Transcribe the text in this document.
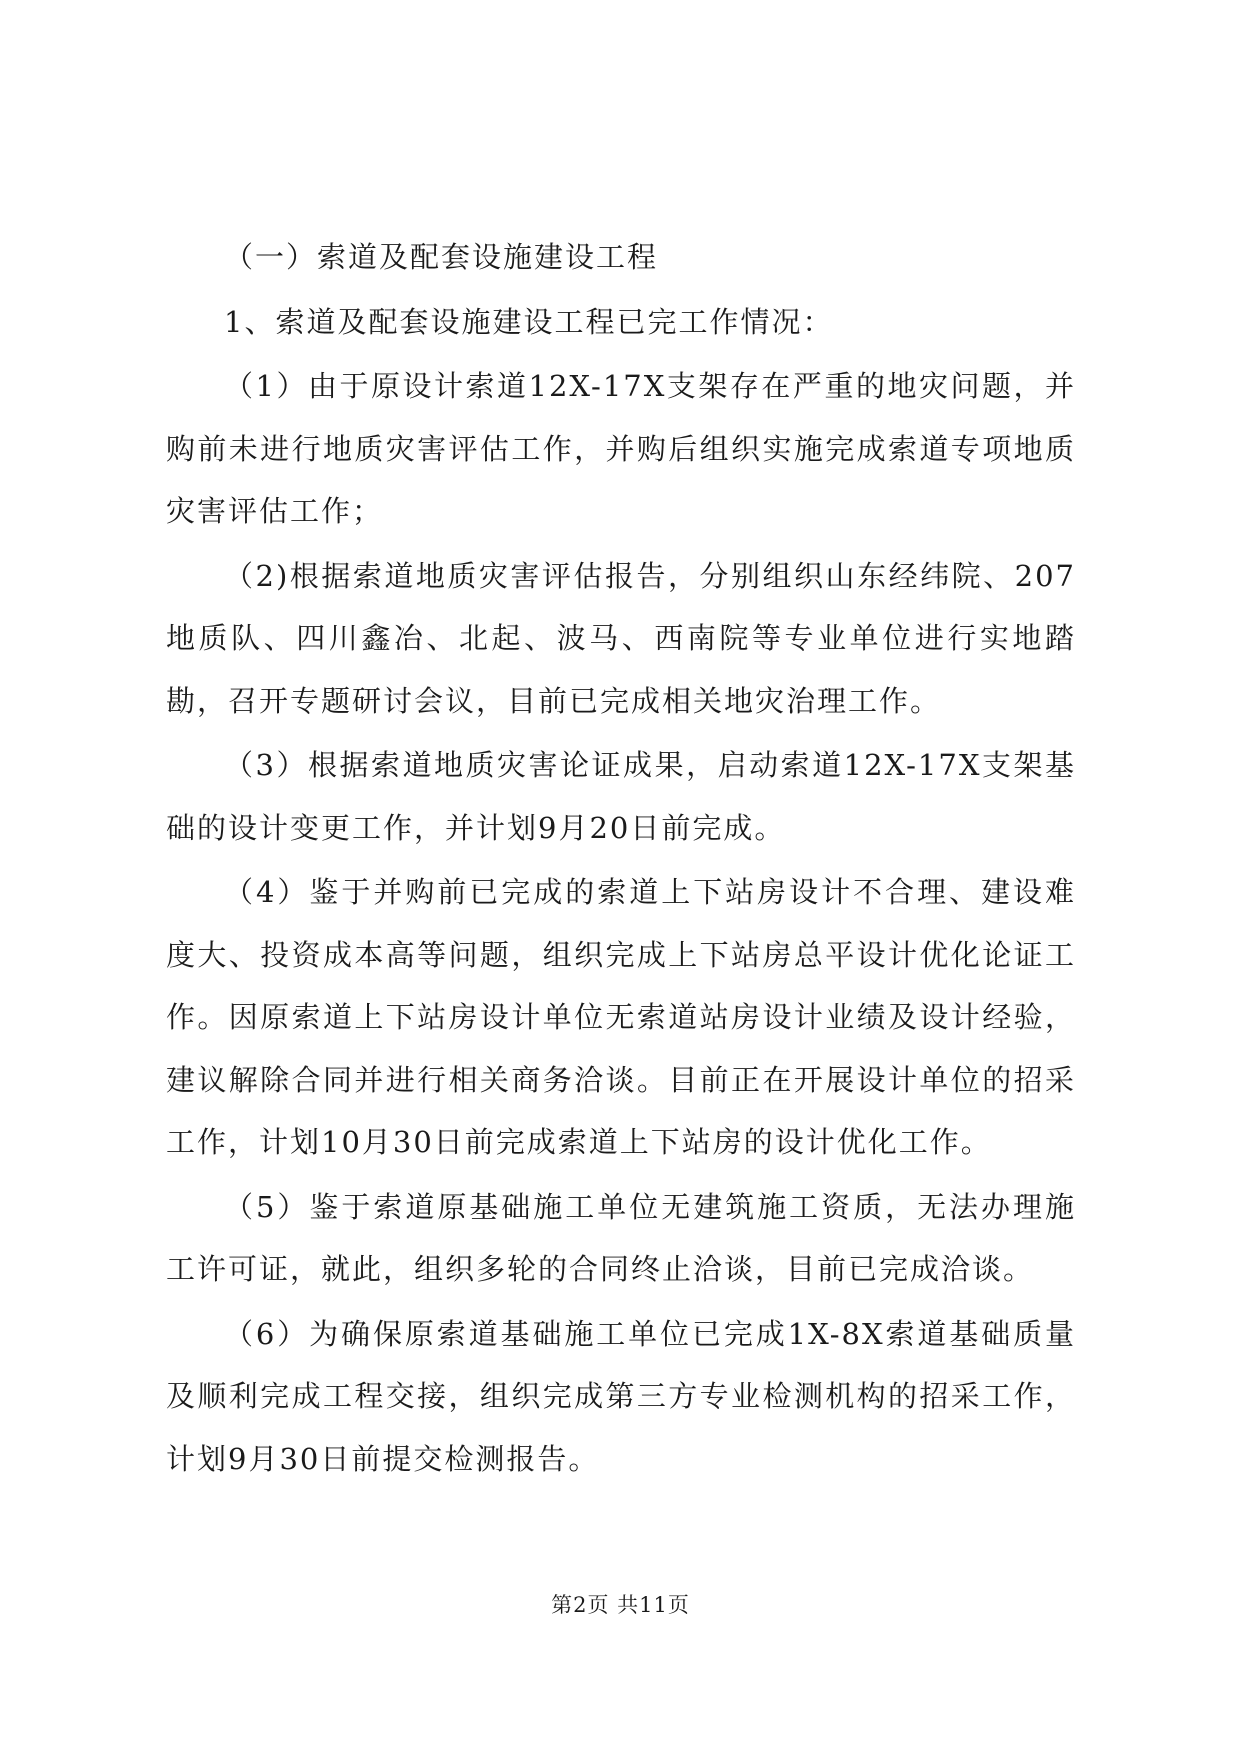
（一）索道及配套设施建设工程

1、索道及配套设施建设工程已完工作情况：

（1）由于原设计索道12X-17X支架存在严重的地灾问题，并购前未进行地质灾害评估工作，并购后组织实施完成索道专项地质灾害评估工作；

（2)根据索道地质灾害评估报告，分别组织山东经纬院、207地质队、四川鑫冶、北起、波马、西南院等专业单位进行实地踏勘，召开专题研讨会议，目前已完成相关地灾治理工作。

（3）根据索道地质灾害论证成果，启动索道12X-17X支架基础的设计变更工作，并计划9月20日前完成。

（4）鉴于并购前已完成的索道上下站房设计不合理、建设难度大、投资成本高等问题，组织完成上下站房总平设计优化论证工作。因原索道上下站房设计单位无索道站房设计业绩及设计经验，建议解除合同并进行相关商务洽谈。目前正在开展设计单位的招采工作，计划10月30日前完成索道上下站房的设计优化工作。

（5）鉴于索道原基础施工单位无建筑施工资质，无法办理施工许可证，就此，组织多轮的合同终止洽谈，目前已完成洽谈。

（6）为确保原索道基础施工单位已完成1X-8X索道基础质量及顺利完成工程交接，组织完成第三方专业检测机构的招采工作，计划9月30日前提交检测报告。

第2页 共11页
